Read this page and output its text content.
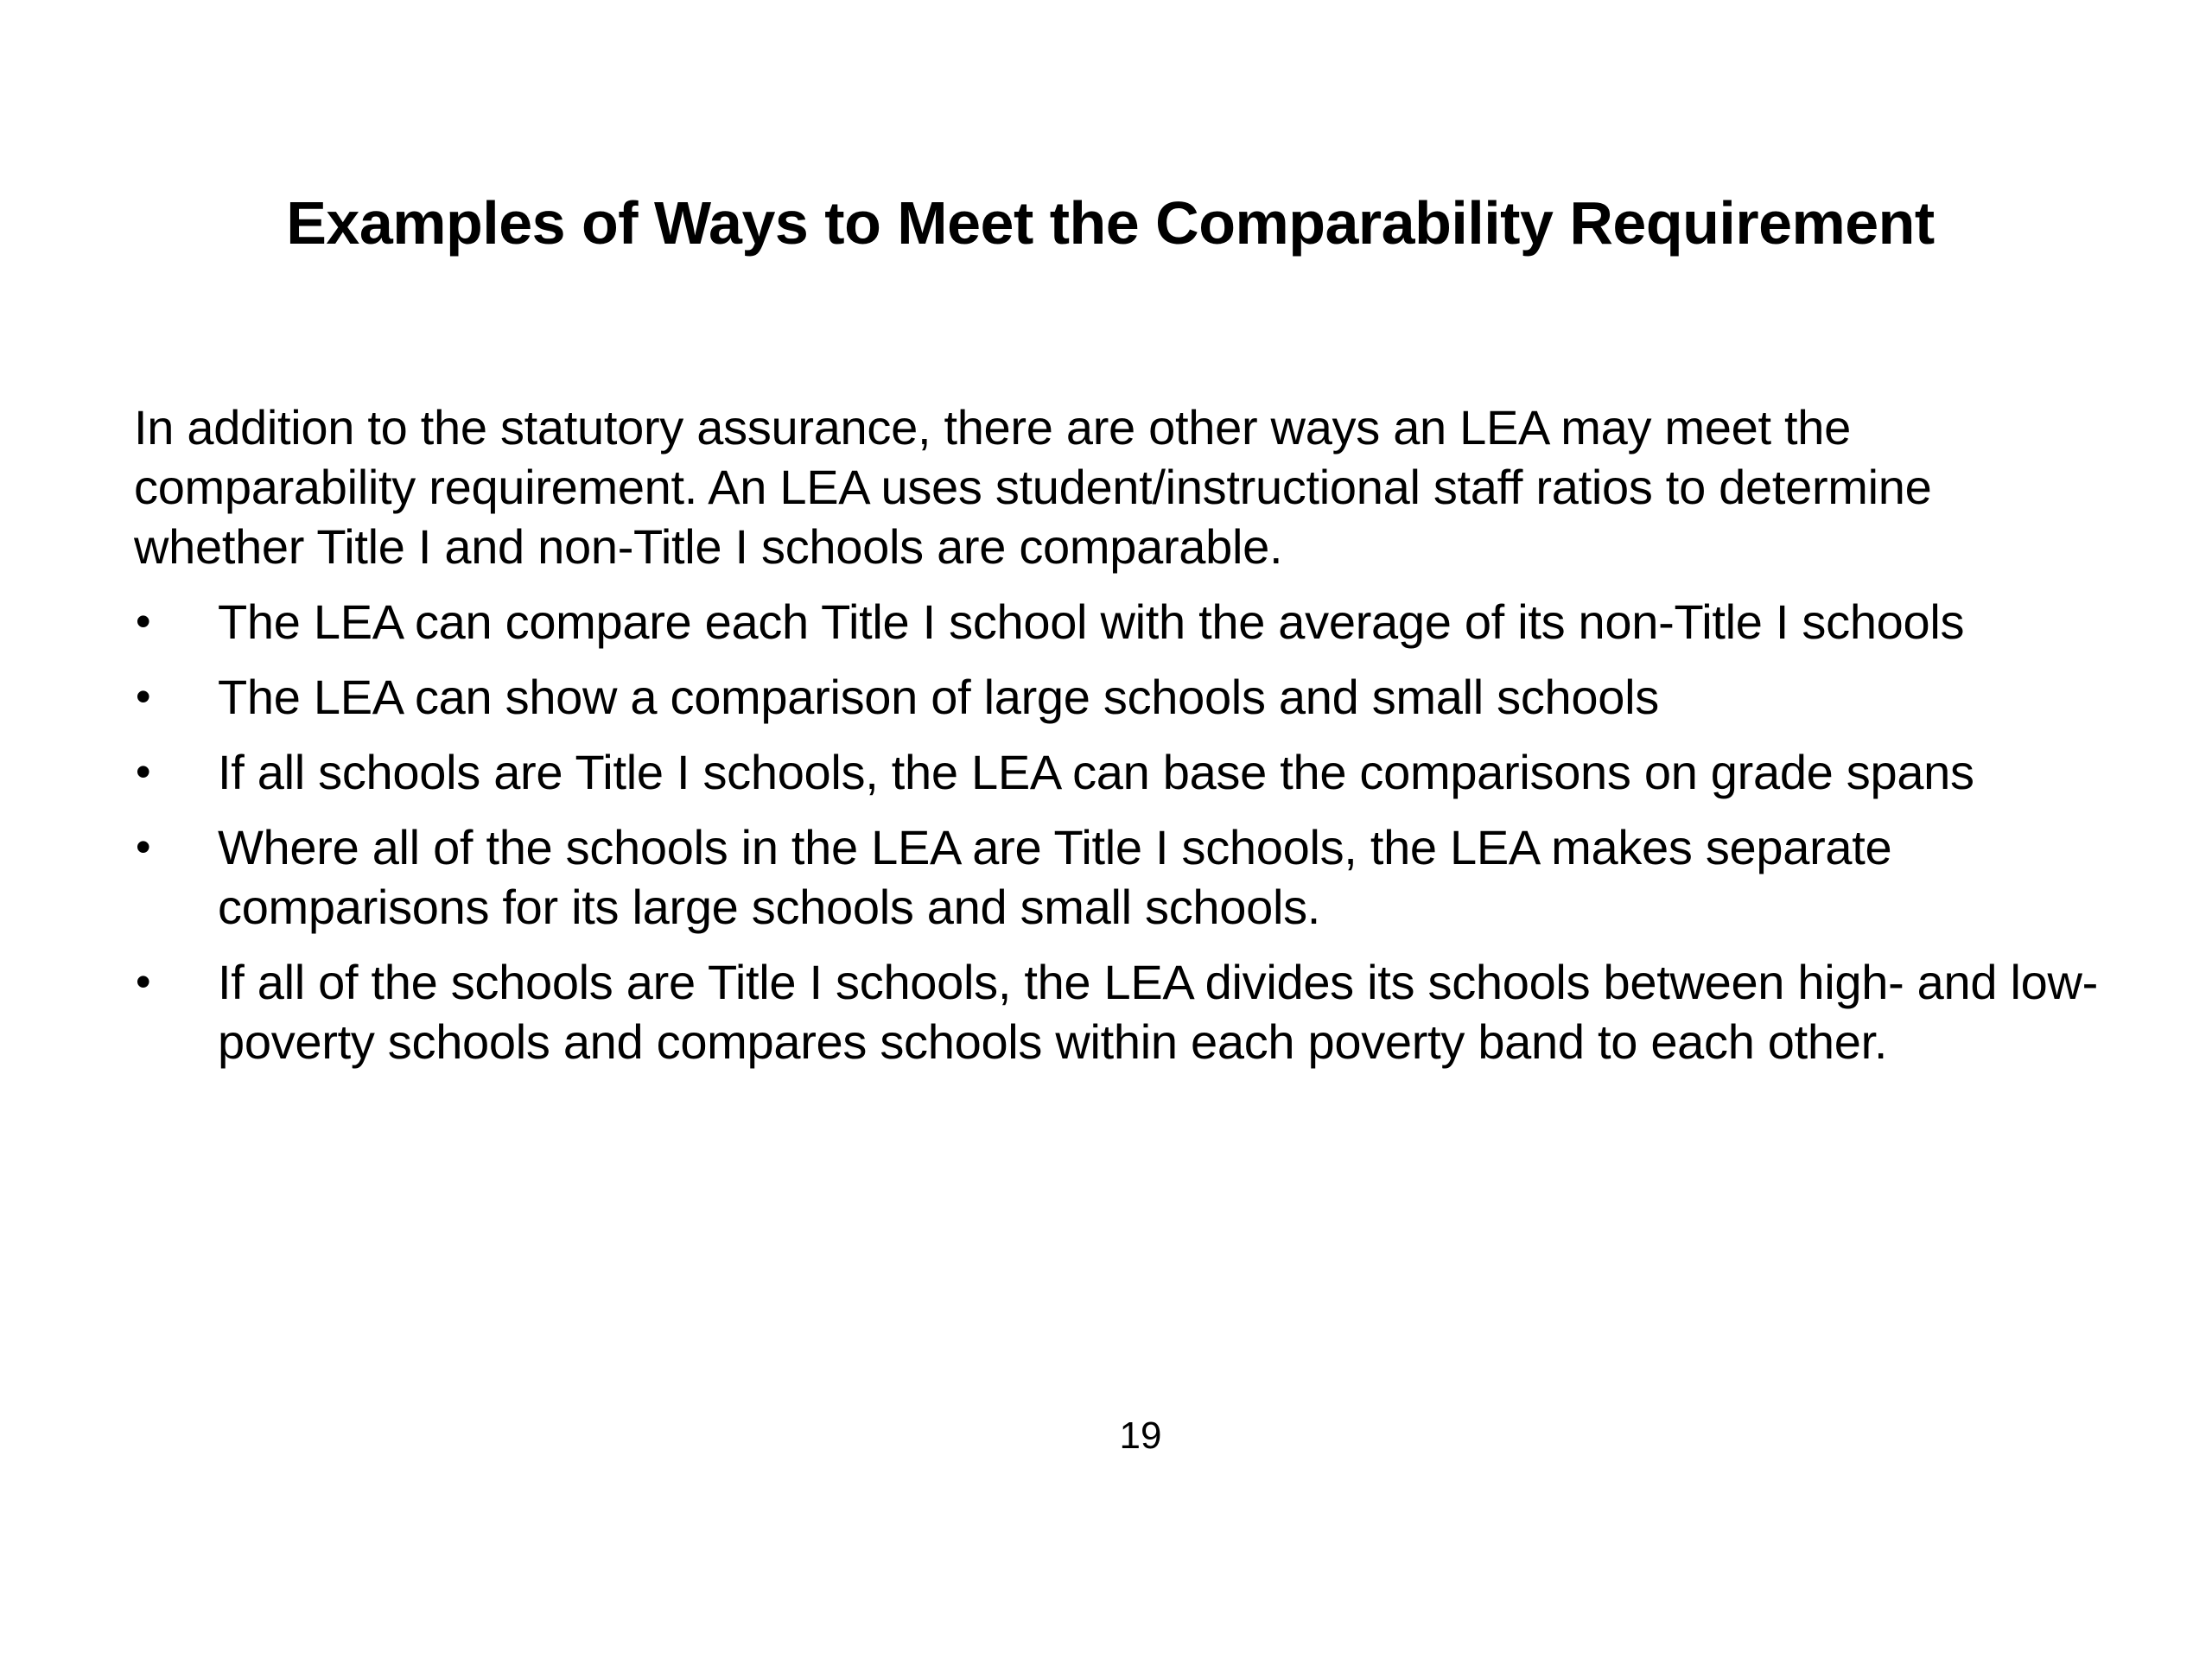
Examples of Ways to Meet the Comparability Requirement

In addition to the statutory assurance, there are other ways an LEA may meet the comparability requirement. An LEA uses student/instructional staff ratios to determine whether Title I and non-Title I schools are comparable.

• The LEA can compare each Title I school with the average of its non-Title I schools
• The LEA can show a comparison of large schools and small schools
• If all schools are Title I schools, the LEA can base the comparisons on grade spans
• Where all of the schools in the LEA are Title I schools, the LEA makes separate comparisons for its large schools and small schools.
• If all of the schools are Title I schools, the LEA divides its schools between high- and low-poverty schools and compares schools within each poverty band to each other.
19
